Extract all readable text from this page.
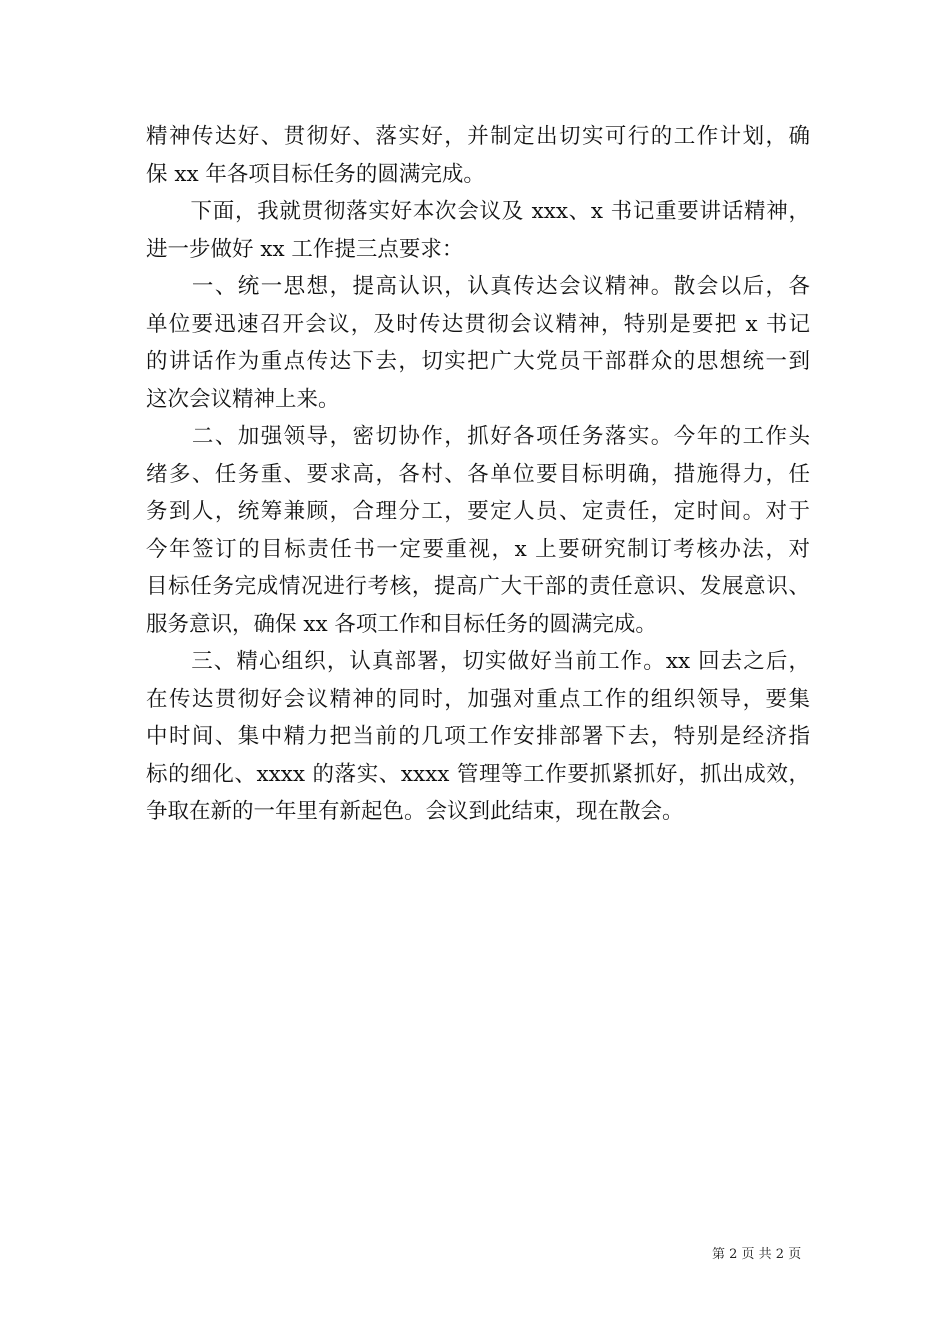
精神传达好、贯彻好、落实好，并制定出切实可行的工作计划，确
保 xx 年各项目标任务的圆满完成。
　　下面，我就贯彻落实好本次会议及 xxx、x 书记重要讲话精神，
进一步做好 xx 工作提三点要求：
　　一、统一思想，提高认识，认真传达会议精神。散会以后，各
单位要迅速召开会议，及时传达贯彻会议精神，特别是要把 x 书记
的讲话作为重点传达下去，切实把广大党员干部群众的思想统一到
这次会议精神上来。
　　二、加强领导，密切协作，抓好各项任务落实。今年的工作头
绪多、任务重、要求高，各村、各单位要目标明确，措施得力，任
务到人，统筹兼顾，合理分工，要定人员、定责任，定时间。对于
今年签订的目标责任书一定要重视，x 上要研究制订考核办法，对
目标任务完成情况进行考核，提高广大干部的责任意识、发展意识、
服务意识，确保 xx 各项工作和目标任务的圆满完成。
　　三、精心组织，认真部署，切实做好当前工作。xx 回去之后，
在传达贯彻好会议精神的同时，加强对重点工作的组织领导，要集
中时间、集中精力把当前的几项工作安排部署下去，特别是经济指
标的细化、xxxx 的落实、xxxx 管理等工作要抓紧抓好，抓出成效，
争取在新的一年里有新起色。会议到此结束，现在散会。
第 2 页 共 2 页
